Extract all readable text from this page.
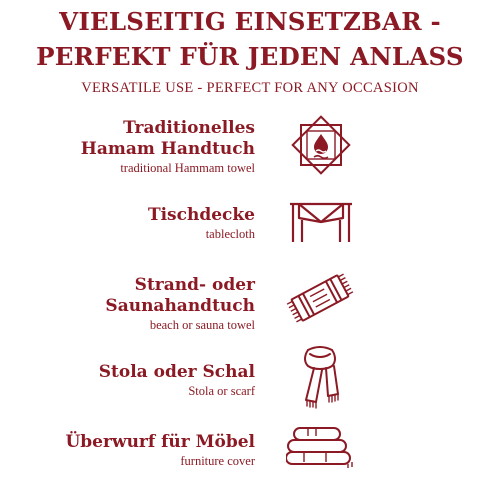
VIELSEITIG EINSETZBAR -
PERFEKT FÜR JEDEN ANLASS
VERSATILE USE - PERFECT FOR ANY OCCASION
Traditionelles
Hamam Handtuch
traditional Hammam towel
Tischdecke
tablecloth
Strand- oder
Saunahandtuch
beach or sauna towel
Stola oder Schal
Stola or scarf
Überwurf für Möbel
furniture cover
